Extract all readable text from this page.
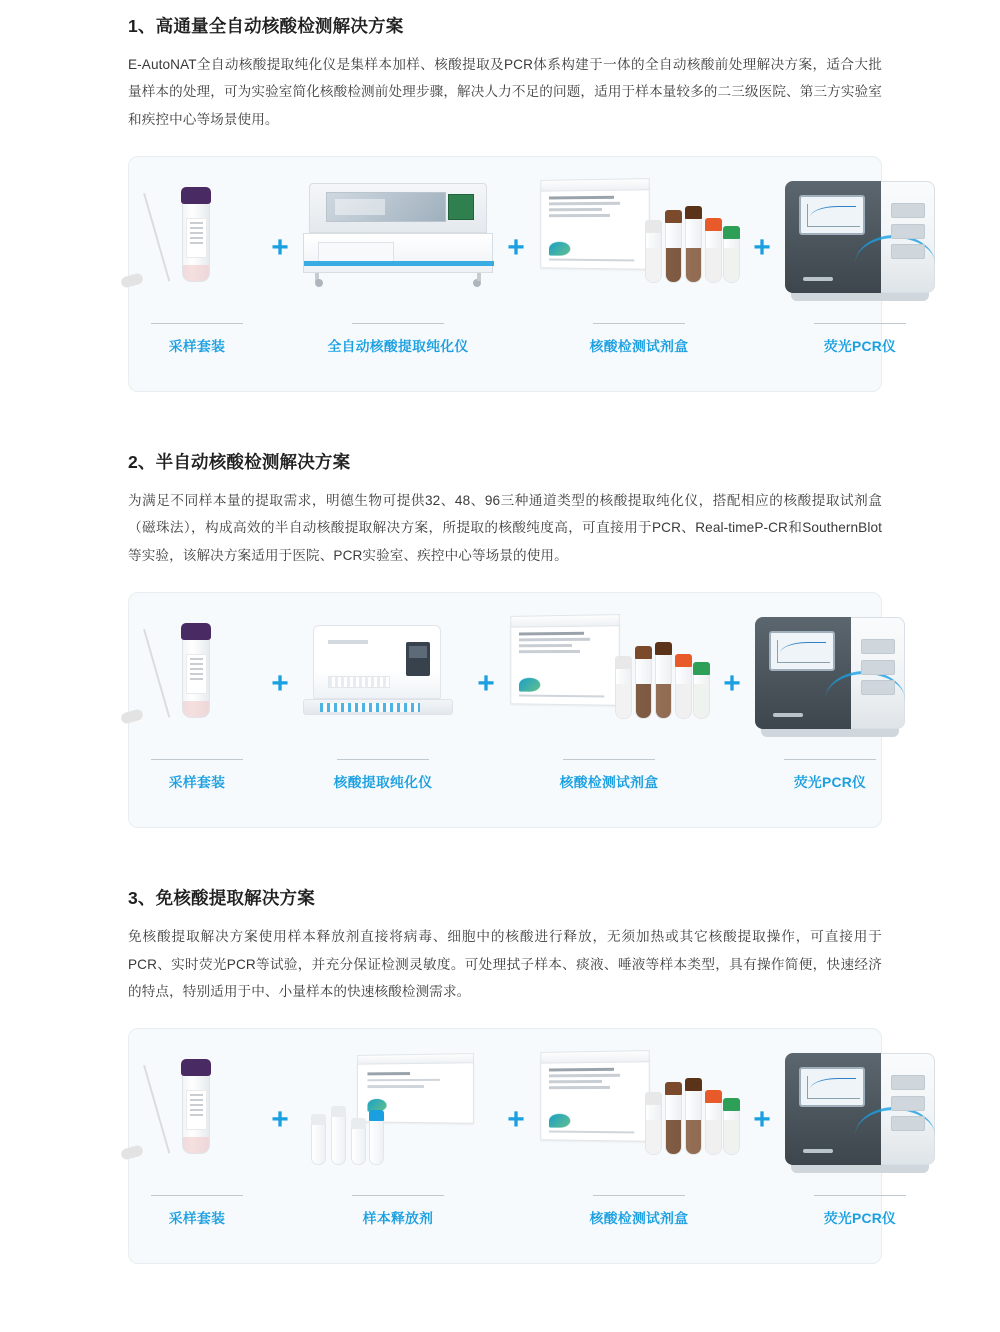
1、高通量全自动核酸检测解决方案

E-AutoNAT全自动核酸提取纯化仪是集样本加样、核酸提取及PCR体系构建于一体的全自动核酸前处理解决方案，适合大批量样本的处理，可为实验室简化核酸检测前处理步骤，解决人力不足的问题，适用于样本量较多的二三级医院、第三方实验室和疾控中心等场景使用。

采样套装
+
全自动核酸提取纯化仪
+
核酸检测试剂盒
+
荧光PCR仪
2、半自动核酸检测解决方案

为满足不同样本量的提取需求，明德生物可提供32、48、96三种通道类型的核酸提取纯化仪，搭配相应的核酸提取试剂盒（磁珠法），构成高效的半自动核酸提取解决方案，所提取的核酸纯度高，可直接用于PCR、Real-timeP-CR和SouthernBlot等实验，该解决方案适用于医院、PCR实验室、疾控中心等场景的使用。

采样套装
+
核酸提取纯化仪
+
核酸检测试剂盒
+
荧光PCR仪
3、免核酸提取解决方案

免核酸提取解决方案使用样本释放剂直接将病毒、细胞中的核酸进行释放，无须加热或其它核酸提取操作，可直接用于PCR、实时荧光PCR等试验，并充分保证检测灵敏度。可处理拭子样本、痰液、唾液等样本类型，具有操作简便，快速经济的特点，特别适用于中、小量样本的快速核酸检测需求。

采样套装
+
样本释放剂
+
核酸检测试剂盒
+
荧光PCR仪
